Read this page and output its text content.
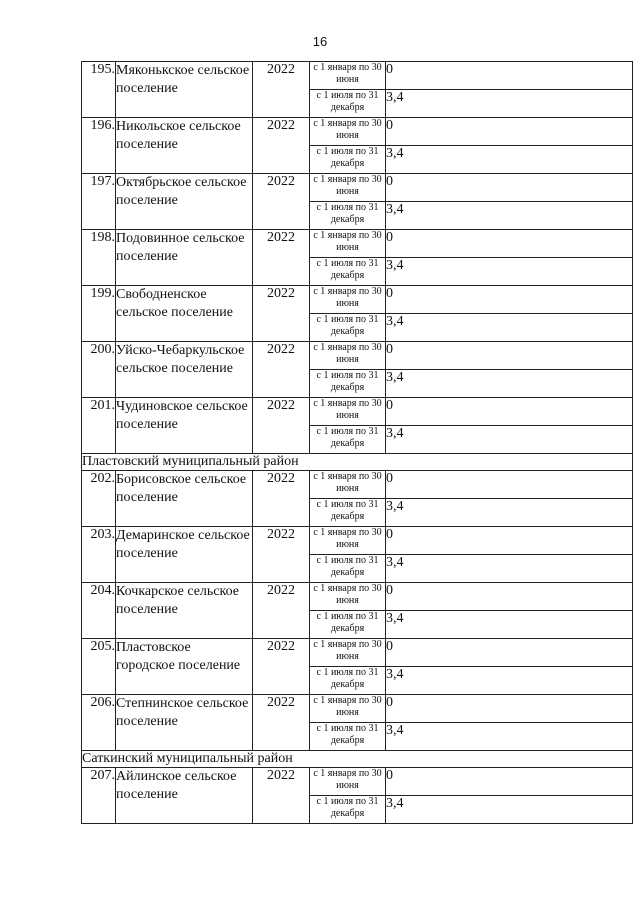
16
195.	Мяконькское сельское поселение	2022	с 1 января по 30 июня	0
			с 1 июля по 31 декабря	3,4
196.	Никольское сельское поселение	2022	с 1 января по 30 июня	0
			с 1 июля по 31 декабря	3,4
197.	Октябрьское сельское поселение	2022	с 1 января по 30 июня	0
			с 1 июля по 31 декабря	3,4
198.	Подовинное сельское поселение	2022	с 1 января по 30 июня	0
			с 1 июля по 31 декабря	3,4
199.	Свободненское сельское поселение	2022	с 1 января по 30 июня	0
			с 1 июля по 31 декабря	3,4
200.	Уйско-Чебаркульское сельское поселение	2022	с 1 января по 30 июня	0
			с 1 июля по 31 декабря	3,4
201.	Чудиновское сельское поселение	2022	с 1 января по 30 июня	0
			с 1 июля по 31 декабря	3,4
Пластовский муниципальный район				
202.	Борисовское сельское поселение	2022	с 1 января по 30 июня	0
			с 1 июля по 31 декабря	3,4
203.	Демаринское сельское поселение	2022	с 1 января по 30 июня	0
			с 1 июля по 31 декабря	3,4
204.	Кочкарское сельское поселение	2022	с 1 января по 30 июня	0
			с 1 июля по 31 декабря	3,4
205.	Пластовское городское поселение	2022	с 1 января по 30 июня	0
			с 1 июля по 31 декабря	3,4
206.	Степнинское сельское поселение	2022	с 1 января по 30 июня	0
			с 1 июля по 31 декабря	3,4
Саткинский муниципальный район				
207.	Айлинское сельское поселение	2022	с 1 января по 30 июня	0
			с 1 июля по 31 декабря	3,4
